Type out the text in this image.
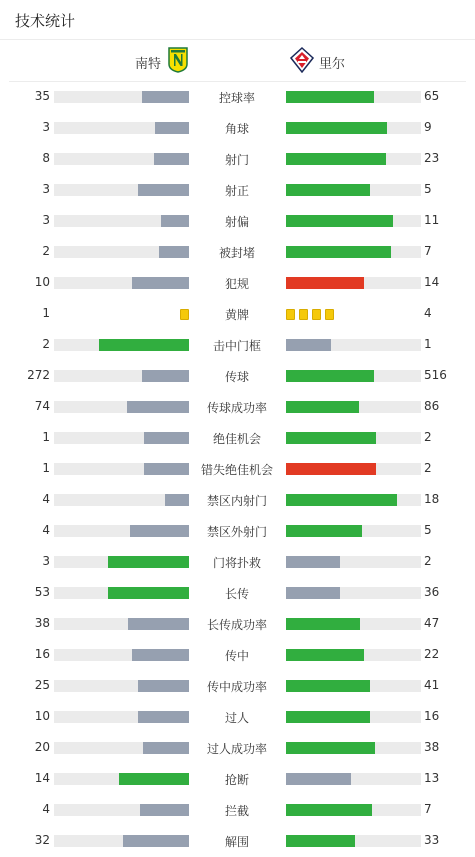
技术统计
南特	里尔
35	控球率	65
3	角球	9
8	射门	23
3	射正	5
3	射偏	11
2	被封堵	7
10	犯规	14
1	黄牌	4
2	击中门框	1
272	传球	516
74	传球成功率	86
1	绝佳机会	2
1	错失绝佳机会	2
4	禁区内射门	18
4	禁区外射门	5
3	门将扑救	2
53	长传	36
38	长传成功率	47
16	传中	22
25	传中成功率	41
10	过人	16
20	过人成功率	38
14	抢断	13
4	拦截	7
32	解围	33
